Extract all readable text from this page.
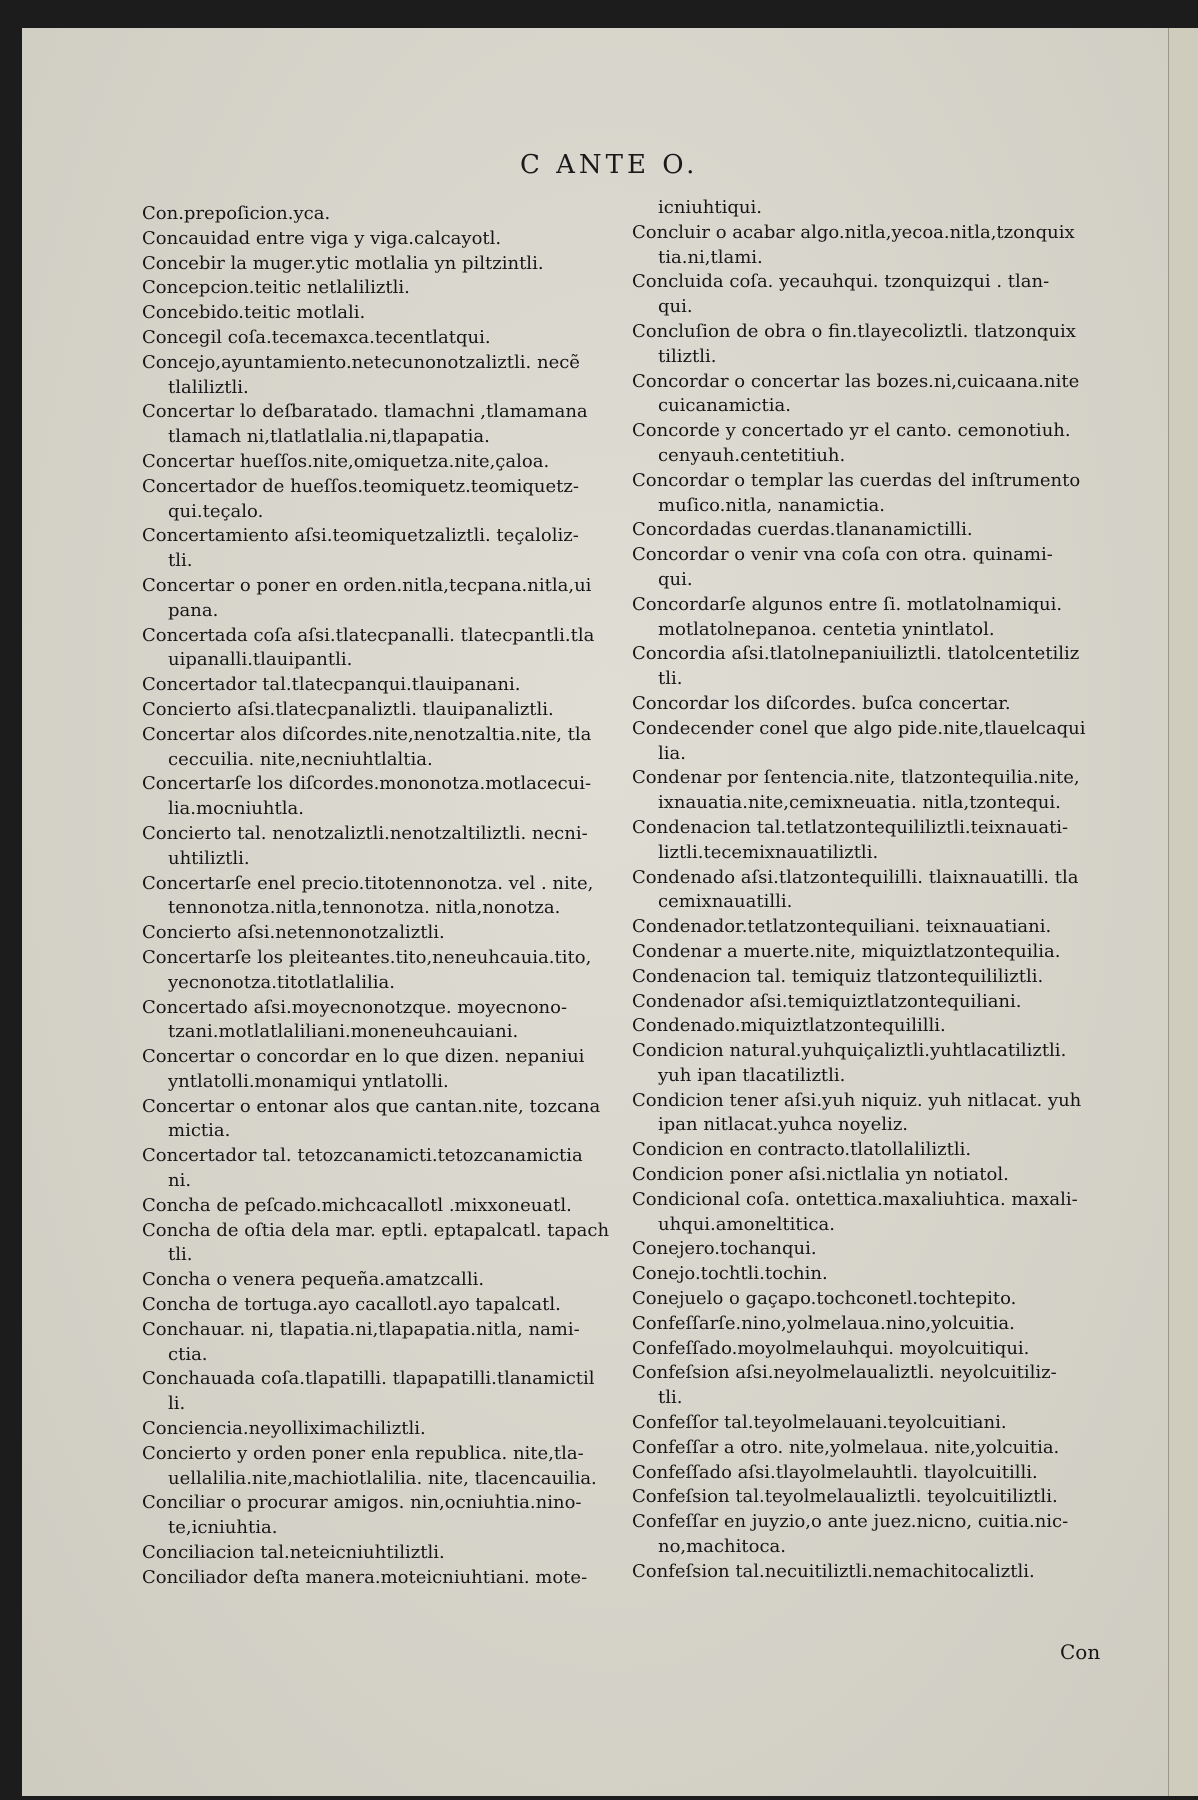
C ANTE O.
Con.prepoſicion.yca.
Concauidad entre viga y viga.calcayotl.
Concebir la muger.ytic motlalia yn piltzintli.
Concepcion.teitic netlaliliztli.
Concebido.teitic motlali.
Concegil coſa.tecemaxca.tecentlatqui.
Concejo,ayuntamiento.netecunonotzaliztli. necẽ
tlaliliztli.
Concertar lo deſbaratado. tlamachni ,tlamamana
tlamach ni,tlatlatlalia.ni,tlapapatia.
Concertar hueſſos.nite,omiquetza.nite,çaloa.
Concertador de hueſſos.teomiquetz.teomiquetz-
qui.teçalo.
Concertamiento aſsi.teomiquetzaliztli. teçaloliz-
tli.
Concertar o poner en orden.nitla,tecpana.nitla,ui
pana.
Concertada coſa aſsi.tlatecpanalli. tlatecpantli.tla
uipanalli.tlauipantli.
Concertador tal.tlatecpanqui.tlauipanani.
Concierto aſsi.tlatecpanaliztli. tlauipanaliztli.
Concertar alos diſcordes.nite,nenotzaltia.nite, tla
ceccuilia. nite,necniuhtlaltia.
Concertarſe los diſcordes.mononotza.motlacecui-
lia.mocniuhtla.
Concierto tal. nenotzaliztli.nenotzaltiliztli. necni-
uhtiliztli.
Concertarſe enel precio.titotennonotza. vel . nite,
tennonotza.nitla,tennonotza. nitla,nonotza.
Concierto aſsi.netennonotzaliztli.
Concertarſe los pleiteantes.tito,neneuhcauia.tito,
yecnonotza.titotlatlalilia.
Concertado aſsi.moyecnonotzque. moyecnono-
tzani.motlatlaliliani.moneneuhcauiani.
Concertar o concordar en lo que dizen. nepaniui
yntlatolli.monamiqui yntlatolli.
Concertar o entonar alos que cantan.nite, tozcana
mictia.
Concertador tal. tetozcanamicti.tetozcanamictia
ni.
Concha de peſcado.michcacallotl .mixxoneuatl.
Concha de oſtia dela mar. eptli. eptapalcatl. tapach
tli.
Concha o venera pequeña.amatzcalli.
Concha de tortuga.ayo cacallotl.ayo tapalcatl.
Conchauar. ni, tlapatia.ni,tlapapatia.nitla, nami-
ctia.
Conchauada coſa.tlapatilli. tlapapatilli.tlanamictil
li.
Conciencia.neyolliximachiliztli.
Concierto y orden poner enla republica. nite,tla-
uellalilia.nite,machiotlalilia. nite, tlacencauilia.
Conciliar o procurar amigos. nin,ocniuhtia.nino-
te,icniuhtia.
Conciliacion tal.neteicniuhtiliztli.
Conciliador deſta manera.moteicniuhtiani. mote-
icniuhtiqui.
Concluir o acabar algo.nitla,yecoa.nitla,tzonquix
tia.ni,tlami.
Concluida coſa. yecauhqui. tzonquizqui . tlan-
qui.
Concluſion de obra o fin.tlayecoliztli. tlatzonquix
tiliztli.
Concordar o concertar las bozes.ni,cuicaana.nite
cuicanamictia.
Concorde y concertado yr el canto. cemonotiuh.
cenyauh.centetitiuh.
Concordar o templar las cuerdas del inſtrumento
muſico.nitla, nanamictia.
Concordadas cuerdas.tlananamictilli.
Concordar o venir vna coſa con otra. quinami-
qui.
Concordarſe algunos entre ſi. motlatolnamiqui.
motlatolnepanoa. centetia ynintlatol.
Concordia aſsi.tlatolnepaniuiliztli. tlatolcentetiliz
tli.
Concordar los diſcordes. buſca concertar.
Condecender conel que algo pide.nite,tlauelcaqui
lia.
Condenar por ſentencia.nite, tlatzontequilia.nite,
ixnauatia.nite,cemixneuatia. nitla,tzontequi.
Condenacion tal.tetlatzontequililiztli.teixnauati-
liztli.tecemixnauatiliztli.
Condenado aſsi.tlatzontequililli. tlaixnauatilli. tla
cemixnauatilli.
Condenador.tetlatzontequiliani. teixnauatiani.
Condenar a muerte.nite, miquiztlatzontequilia.
Condenacion tal. temiquiz tlatzontequililiztli.
Condenador aſsi.temiquiztlatzontequiliani.
Condenado.miquiztlatzontequililli.
Condicion natural.yuhquiçaliztli.yuhtlacatiliztli.
yuh ipan tlacatiliztli.
Condicion tener aſsi.yuh niquiz. yuh nitlacat. yuh
ipan nitlacat.yuhca noyeliz.
Condicion en contracto.tlatollaliliztli.
Condicion poner aſsi.nictlalia yn notiatol.
Condicional coſa. ontettica.maxaliuhtica. maxali-
uhqui.amoneltitica.
Conejero.tochanqui.
Conejo.tochtli.tochin.
Conejuelo o gaçapo.tochconetl.tochtepito.
Confeſſarſe.nino,yolmelaua.nino,yolcuitia.
Confeſſado.moyolmelauhqui. moyolcuitiqui.
Confeſsion aſsi.neyolmelaualiztli. neyolcuitiliz-
tli.
Confeſſor tal.teyolmelauani.teyolcuitiani.
Confeſſar a otro. nite,yolmelaua. nite,yolcuitia.
Confeſſado aſsi.tlayolmelauhtli. tlayolcuitilli.
Confeſsion tal.teyolmelaualiztli. teyolcuitiliztli.
Confeſſar en juyzio,o ante juez.nicno, cuitia.nic-
no,machitoca.
Confeſsion tal.necuitiliztli.nemachitocaliztli.
Con
